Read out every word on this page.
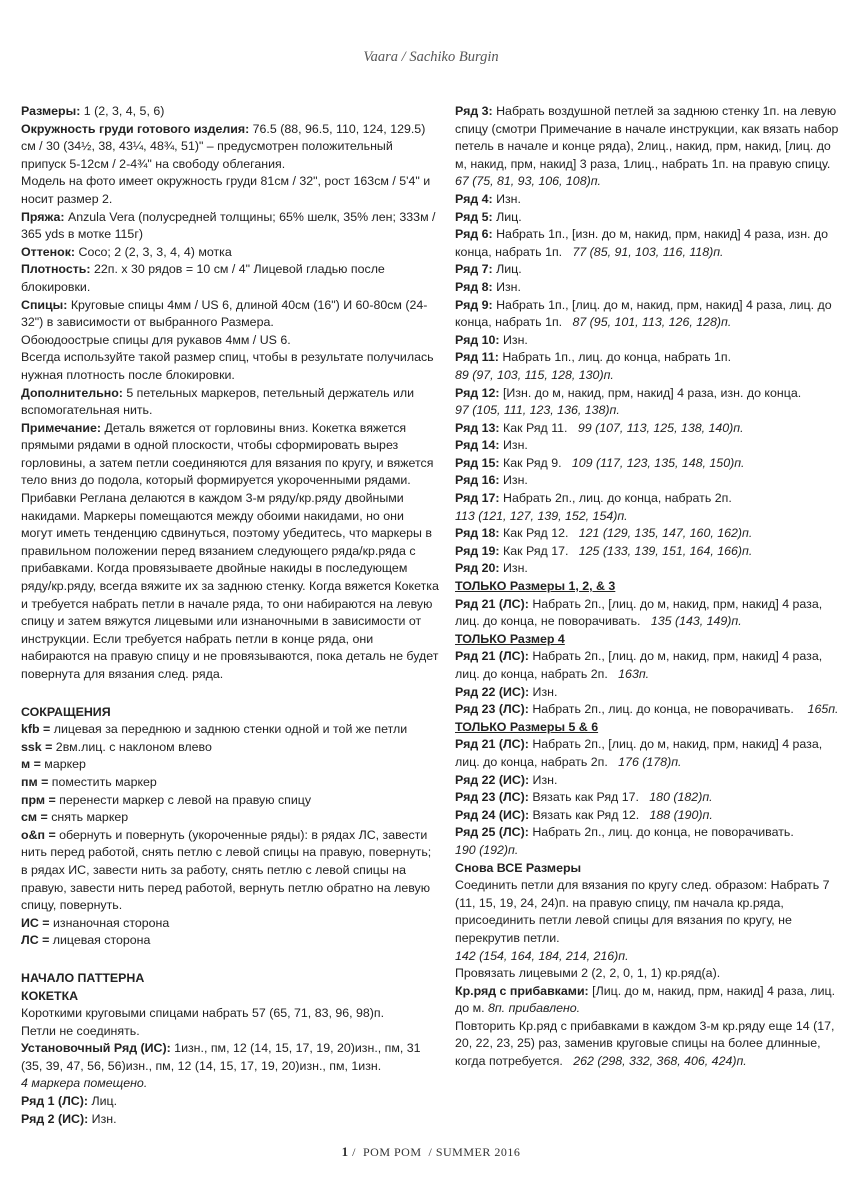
Vaara / Sachiko Burgin

Размеры: 1 (2, 3, 4, 5, 6)

Окружность груди готового изделия: 76.5 (88, 96.5, 110, 124, 129.5) см / 30 (34½, 38, 43¼, 48¾, 51)" – предусмотрен положительный припуск 5-12см / 2-4¾" на свободу облегания.

Модель на фото имеет окружность груди 81см / 32", рост 163см / 5'4" и носит размер 2.

Пряжа: Anzula Vera (полусредней толщины; 65% шелк, 35% лен; 333м / 365 yds в мотке 115г)

Оттенок: Coco; 2 (2, 3, 3, 4, 4) мотка

Плотность: 22п. х 30 рядов = 10 см / 4" Лицевой гладью после блокировки.

Спицы: Круговые спицы 4мм / US 6, длиной 40см (16") И 60-80см (24-32") в зависимости от выбранного Размера.

Обоюдоострые спицы для рукавов 4мм / US 6.

Всегда используйте такой размер спиц, чтобы в результате получилась нужная плотность после блокировки.

Дополнительно: 5 петельных маркеров, петельный держатель или вспомогательная нить.

Примечание: Деталь вяжется от горловины вниз. Кокетка вяжется прямыми рядами в одной плоскости, чтобы сформировать вырез горловины, а затем петли соединяются для вязания по кругу, и вяжется тело вниз до подола, который формируется укороченными рядами. Прибавки Реглана делаются в каждом 3-м ряду/кр.ряду двойными накидами. Маркеры помещаются между обоими накидами, но они могут иметь тенденцию сдвинуться, поэтому убедитесь, что маркеры в правильном положении перед вязанием следующего ряда/кр.ряда с прибавками. Когда провязываете двойные накиды в последующем ряду/кр.ряду, всегда вяжите их за заднюю стенку. Когда вяжется Кокетка и требуется набрать петли в начале ряда, то они набираются на левую спицу и затем вяжутся лицевыми или изнаночными в зависимости от инструкции. Если требуется набрать петли в конце ряда, они набираются на правую спицу и не провязываются, пока деталь не будет повернута для вязания след. ряда.

СОКРАЩЕНИЯ

kfb = лицевая за переднюю и заднюю стенки одной и той же петли

ssk = 2вм.лиц. с наклоном влево

м = маркер

пм = поместить маркер

прм = перенести маркер с левой на правую спицу

см = снять маркер

о&п = обернуть и повернуть (укороченные ряды): в рядах ЛС, завести нить перед работой, снять петлю с левой спицы на правую, повернуть; в рядах ИС, завести нить за работу, снять петлю с левой спицы на правую, завести нить перед работой, вернуть петлю обратно на левую спицу, повернуть.

ИС = изнаночная сторона

ЛС = лицевая сторона

НАЧАЛО ПАТТЕРНА

КОКЕТКА

Короткими круговыми спицами набрать 57 (65, 71, 83, 96, 98)п.

Петли не соединять.

Установочный Ряд (ИС): 1изн., пм, 12 (14, 15, 17, 19, 20)изн., пм, 31 (35, 39, 47, 56, 56)изн., пм, 12 (14, 15, 17, 19, 20)изн., пм, 1изн.

4 маркера помещено.

Ряд 1 (ЛС): Лиц.

Ряд 2 (ИС): Изн.

Ряд 3: Набрать воздушной петлей за заднюю стенку 1п. на левую спицу (смотри Примечание в начале инструкции, как вязать набор петель в начале и конце ряда), 2лиц., накид, прм, накид, [лиц. до м, накид, прм, накид] 3 раза, 1лиц., набрать 1п. на правую спицу.

67 (75, 81, 93, 106, 108)п.

Ряд 4: Изн.

Ряд 5: Лиц.

Ряд 6: Набрать 1п., [изн. до м, накид, прм, накид] 4 раза, изн. до конца, набрать 1п.   77 (85, 91, 103, 116, 118)п.

Ряд 7: Лиц.

Ряд 8: Изн.

Ряд 9: Набрать 1п., [лиц. до м, накид, прм, накид] 4 раза, лиц. до конца, набрать 1п.   87 (95, 101, 113, 126, 128)п.

Ряд 10: Изн.

Ряд 11: Набрать 1п., лиц. до конца, набрать 1п.

89 (97, 103, 115, 128, 130)п.

Ряд 12: [Изн. до м, накид, прм, накид] 4 раза, изн. до конца.

97 (105, 111, 123, 136, 138)п.

Ряд 13: Как Ряд 11.   99 (107, 113, 125, 138, 140)п.

Ряд 14: Изн.

Ряд 15: Как Ряд 9.   109 (117, 123, 135, 148, 150)п.

Ряд 16: Изн.

Ряд 17: Набрать 2п., лиц. до конца, набрать 2п.

113 (121, 127, 139, 152, 154)п.

Ряд 18: Как Ряд 12.   121 (129, 135, 147, 160, 162)п.

Ряд 19: Как Ряд 17.   125 (133, 139, 151, 164, 166)п.

Ряд 20: Изн.

ТОЛЬКО Размеры 1, 2, & 3

Ряд 21 (ЛС): Набрать 2п., [лиц. до м, накид, прм, накид] 4 раза, лиц. до конца, не поворачивать.   135 (143, 149)п.

ТОЛЬКО Размер 4

Ряд 21 (ЛС): Набрать 2п., [лиц. до м, накид, прм, накид] 4 раза, лиц. до конца, набрать 2п.   163п.

Ряд 22 (ИС): Изн.

Ряд 23 (ЛС): Набрать 2п., лиц. до конца, не поворачивать.    165п.

ТОЛЬКО Размеры 5 & 6

Ряд 21 (ЛС): Набрать 2п., [лиц. до м, накид, прм, накид] 4 раза, лиц. до конца, набрать 2п.   176 (178)п.

Ряд 22 (ИС): Изн.

Ряд 23 (ЛС): Вязать как Ряд 17.   180 (182)п.

Ряд 24 (ИС): Вязать как Ряд 12.   188 (190)п.

Ряд 25 (ЛС): Набрать 2п., лиц. до конца, не поворачивать.

190 (192)п.

Снова ВСЕ Размеры

Соединить петли для вязания по кругу след. образом: Набрать 7 (11, 15, 19, 24, 24)п. на правую спицу, пм начала кр.ряда, присоединить петли левой спицы для вязания по кругу, не перекрутив петли.

142 (154, 164, 184, 214, 216)п.

Провязать лицевыми 2 (2, 2, 0, 1, 1) кр.ряд(а).

Кр.ряд с прибавками: [Лиц. до м, накид, прм, накид] 4 раза, лиц. до м. 8п. прибавлено.

Повторить Кр.ряд с прибавками в каждом 3-м кр.ряду еще 14 (17, 20, 22, 23, 25) раз, заменив круговые спицы на более длинные, когда потребуется.   262 (298, 332, 368, 406, 424)п.

1 /  POM POM  / SUMMER 2016
